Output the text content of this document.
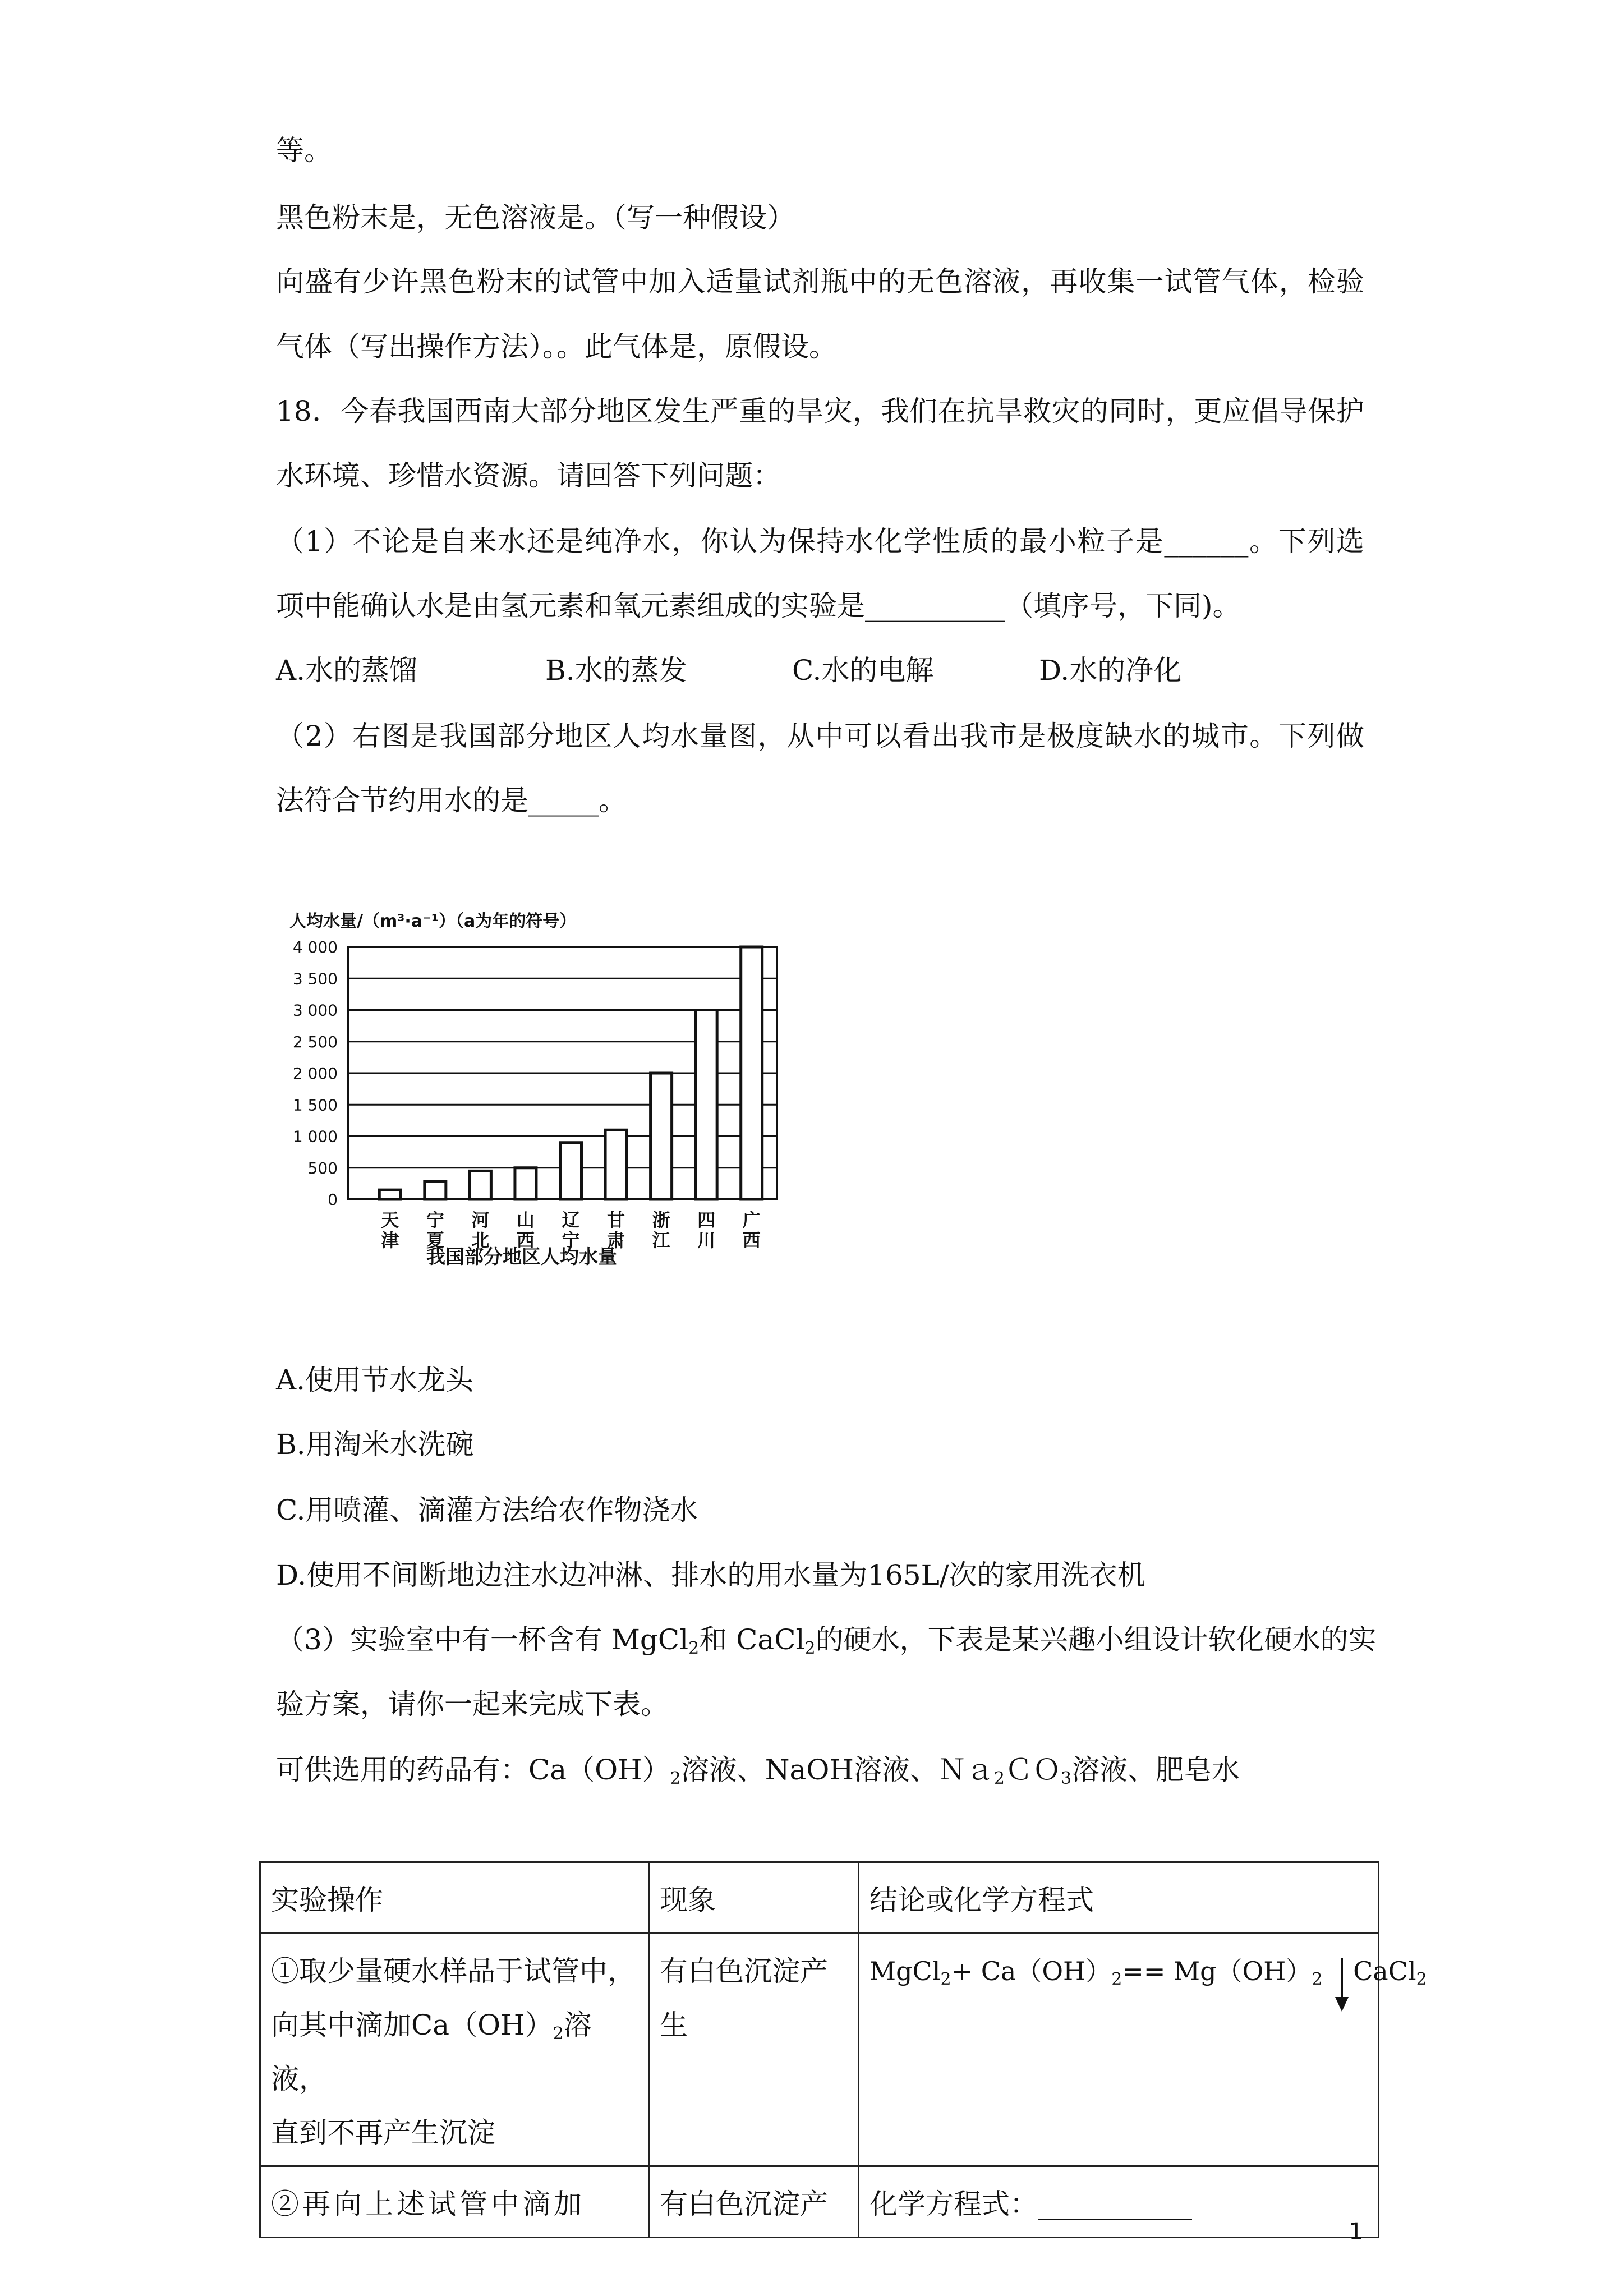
等。

黑色粉末是，无色溶液是。（写一种假设）

向盛有少许黑色粉末的试管中加入适量试剂瓶中的无色溶液，再收集一试管气体，检验

气体（写出操作方法）。。此气体是，原假设。

18．今春我国西南大部分地区发生严重的旱灾，我们在抗旱救灾的同时，更应倡导保护

水环境、珍惜水资源。请回答下列问题：

（1）不论是自来水还是纯净水，你认为保持水化学性质的最小粒子是______。下列选

项中能确认水是由氢元素和氧元素组成的实验是__________（填序号，下同)。

A.水的蒸馏	B.水的蒸发	C.水的电解	D.水的净化

（2）右图是我国部分地区人均水量图，从中可以看出我市是极度缺水的城市。下列做

法符合节约用水的是_____。

人均水量/（m³·a⁻¹）（a为年的符号）
0
500
1 000
1 500
2 000
2 500
3 000
3 500
4 000
天
津
宁
夏
河
北
山
西
辽
宁
甘
肃
浙
江
四
川
广
西
我国部分地区人均水量

A.使用节水龙头

B.用淘米水洗碗

C.用喷灌、滴灌方法给农作物浇水

D.使用不间断地边注水边冲淋、排水的用水量为165L/次的家用洗衣机

（3）实验室中有一杯含有 MgCl$_2$和 CaCl$_2$的硬水，下表是某兴趣小组设计软化硬水的实

验方案，请你一起来完成下表。

可供选用的药品有：$Ca(OH)_2$溶液、NaOH溶液、Ｎａ$_2$ＣＯ$_3$溶液、肥皂水

实验操作	现象	结论或化学方程式
①取少量硬水样品于试管中，
向其中滴加$Ca(OH)_2$溶液，
直到不再产生沉淀	有白色沉淀产
生	MgCl$_2$+ $Ca(OH)_2== Mg(OH)_2$ CaCl$_2$
②再向上述试管中滴加	有白色沉淀产	化学方程式：___________
1
